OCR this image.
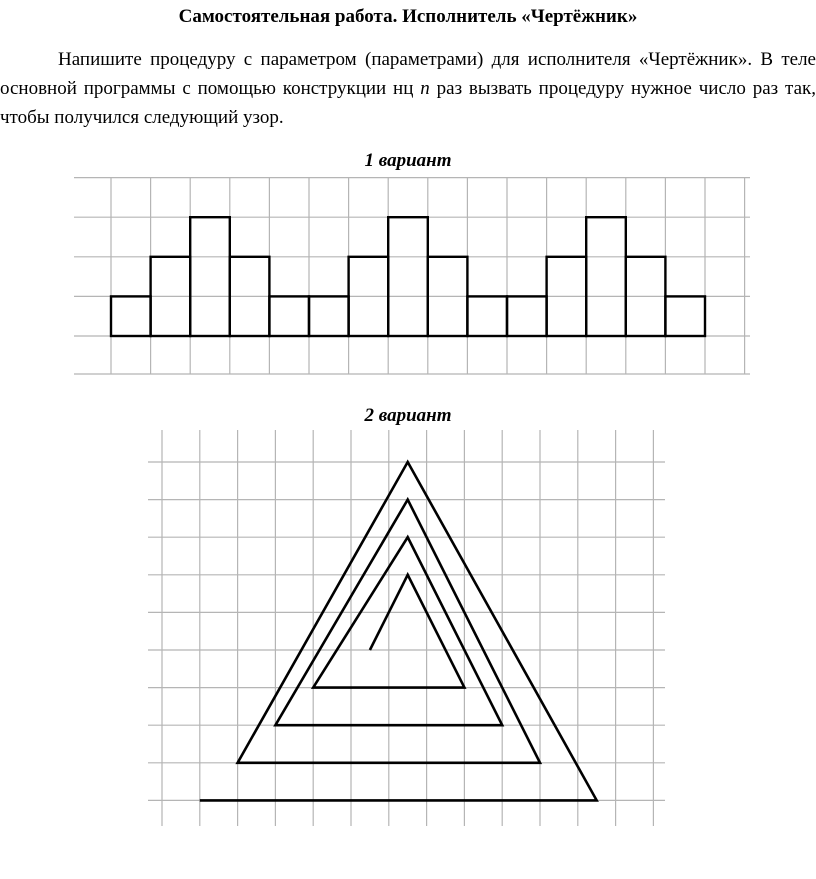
Самостоятельная работа. Исполнитель «Чертёжник»

Напишите процедуру с параметром (параметрами) для исполнителя «Чертёжник». В теле основной программы с помощью конструкции нц n раз вызвать процедуру нужное число раз так, чтобы получился следующий узор.

1 вариант
2 вариант
